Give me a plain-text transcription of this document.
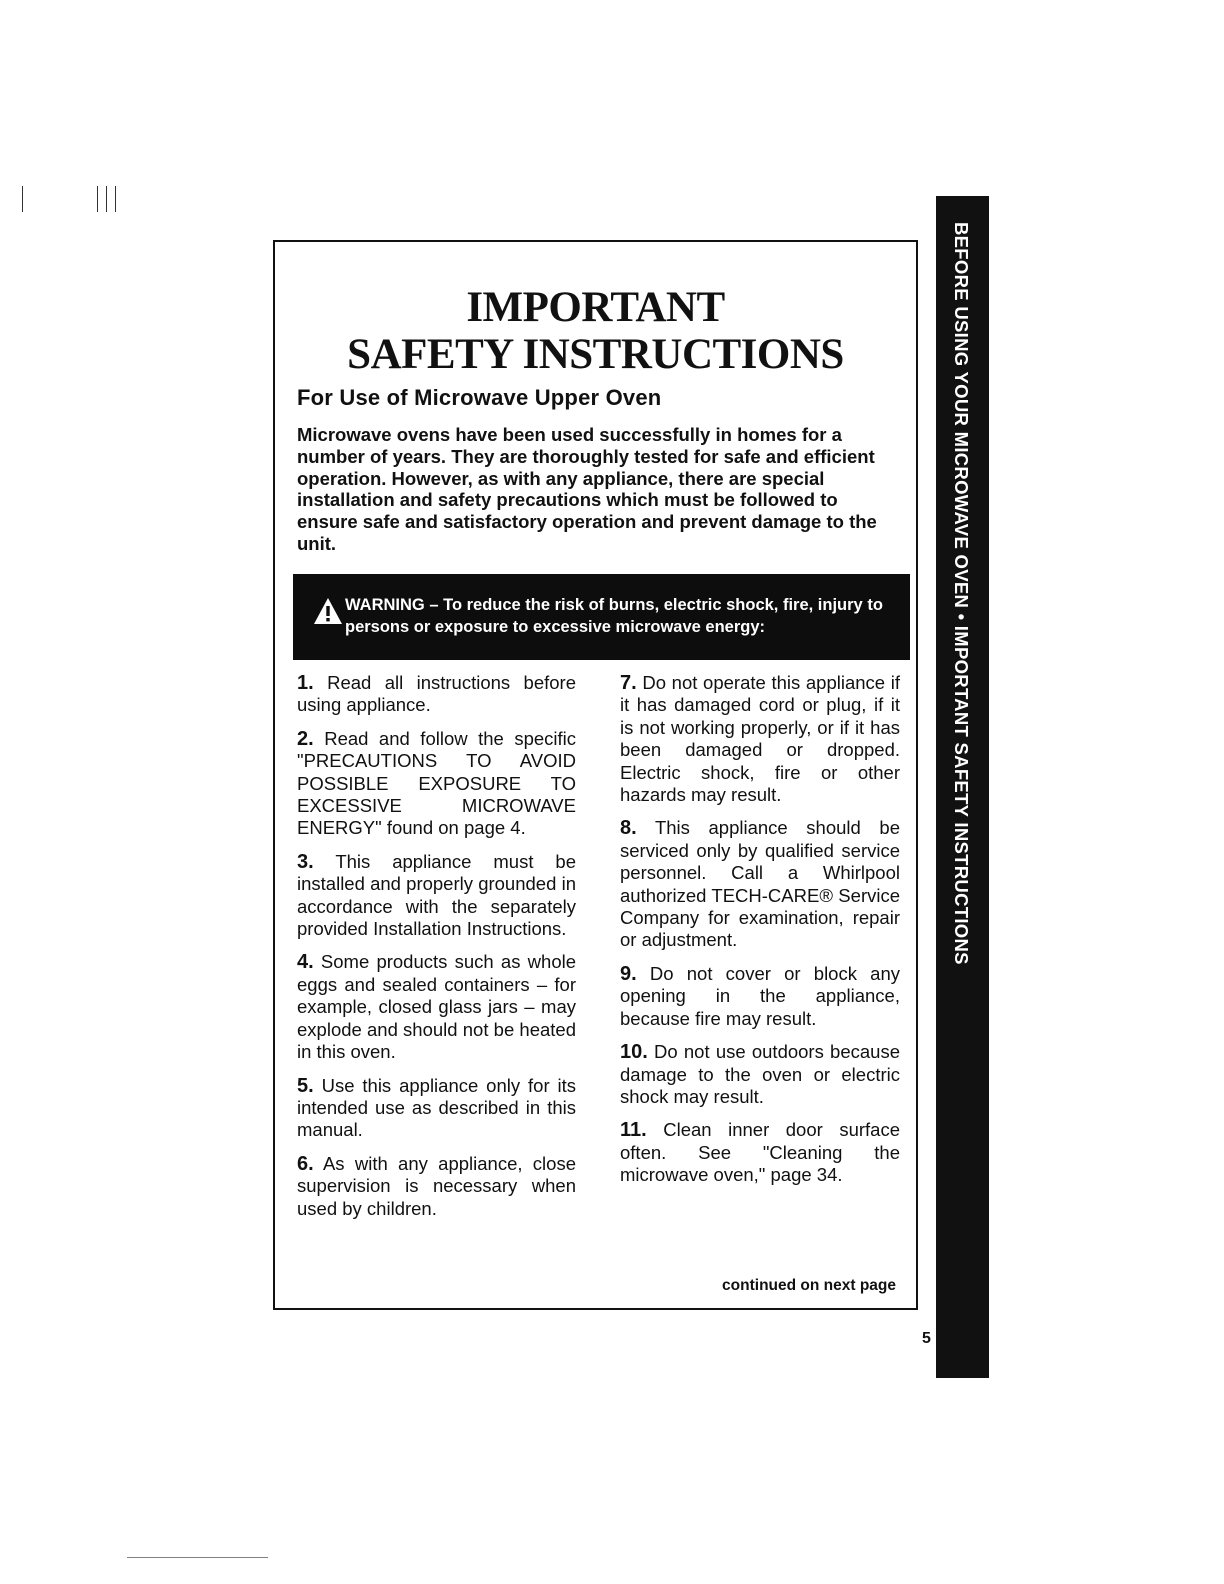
IMPORTANT
SAFETY INSTRUCTIONS
For Use of Microwave Upper Oven

Microwave ovens have been used successfully in homes for a number of years. They are thoroughly tested for safe and efficient operation. However, as with any appliance, there are special installation and safety precautions which must be followed to ensure safe and satisfactory operation and prevent damage to the unit.

WARNING – To reduce the risk of burns, electric shock, fire, injury to persons or exposure to excessive microwave energy:

1. Read all instructions before using appliance.

2. Read and follow the specific "PRECAUTIONS TO AVOID POSSIBLE EXPOSURE TO EXCESSIVE MICROWAVE ENERGY" found on page 4.

3. This appliance must be installed and properly grounded in accordance with the separately provided Installation Instructions.

4. Some products such as whole eggs and sealed containers – for example, closed glass jars – may explode and should not be heated in this oven.

5. Use this appliance only for its intended use as described in this manual.

6. As with any appliance, close supervision is necessary when used by children.

7. Do not operate this appliance if it has damaged cord or plug, if it is not working properly, or if it has been damaged or dropped. Electric shock, fire or other hazards may result.

8. This appliance should be serviced only by qualified service personnel. Call a Whirlpool authorized TECH-CARE® Service Company for examination, repair or adjustment.

9. Do not cover or block any opening in the appliance, because fire may result.

10. Do not use outdoors because damage to the oven or electric shock may result.

11. Clean inner door surface often. See "Cleaning the microwave oven," page 34.

continued on next page

BEFORE USING YOUR MICROWAVE OVEN • IMPORTANT SAFETY INSTRUCTIONS

5
